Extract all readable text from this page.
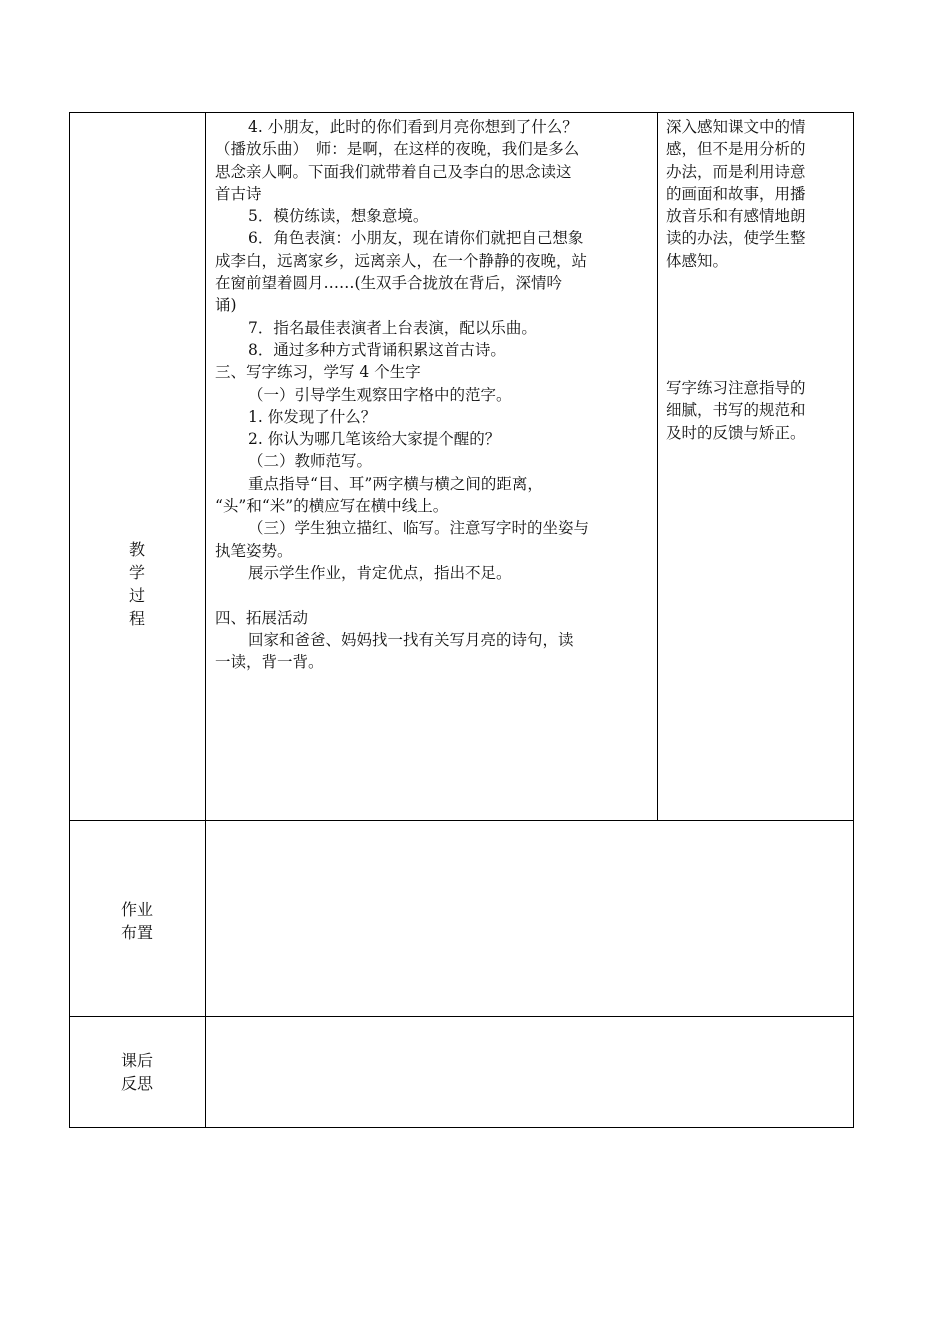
教
学
过
程

4. 小朋友，此时的你们看到月亮你想到了什么？

（播放乐曲）　师：是啊，在这样的夜晚，我们是多么

思念亲人啊。下面我们就带着自己及李白的思念读这

首古诗

5．模仿练读，想象意境。

6．角色表演：小朋友，现在请你们就把自己想象

成李白，远离家乡，远离亲人，在一个静静的夜晚，站

在窗前望着圆月……(生双手合拢放在背后，深情吟

诵)

7．指名最佳表演者上台表演，配以乐曲。

8．通过多种方式背诵积累这首古诗。

三、写字练习，学写 4 个生字

（一）引导学生观察田字格中的范字。

1. 你发现了什么？

2. 你认为哪几笔该给大家提个醒的？

（二）教师范写。

重点指导“目、耳”两字横与横之间的距离，

“头”和“米”的横应写在横中线上。

（三）学生独立描红、临写。注意写字时的坐姿与

执笔姿势。

展示学生作业，肯定优点，指出不足。

四、拓展活动

回家和爸爸、妈妈找一找有关写月亮的诗句，读

一读，背一背。

深入感知课文中的情

感，但不是用分析的

办法，而是利用诗意

的画面和故事，用播

放音乐和有感情地朗

读的办法，使学生整

体感知。

写字练习注意指导的

细腻，书写的规范和

及时的反馈与矫正。

作业
布置
课后
反思
